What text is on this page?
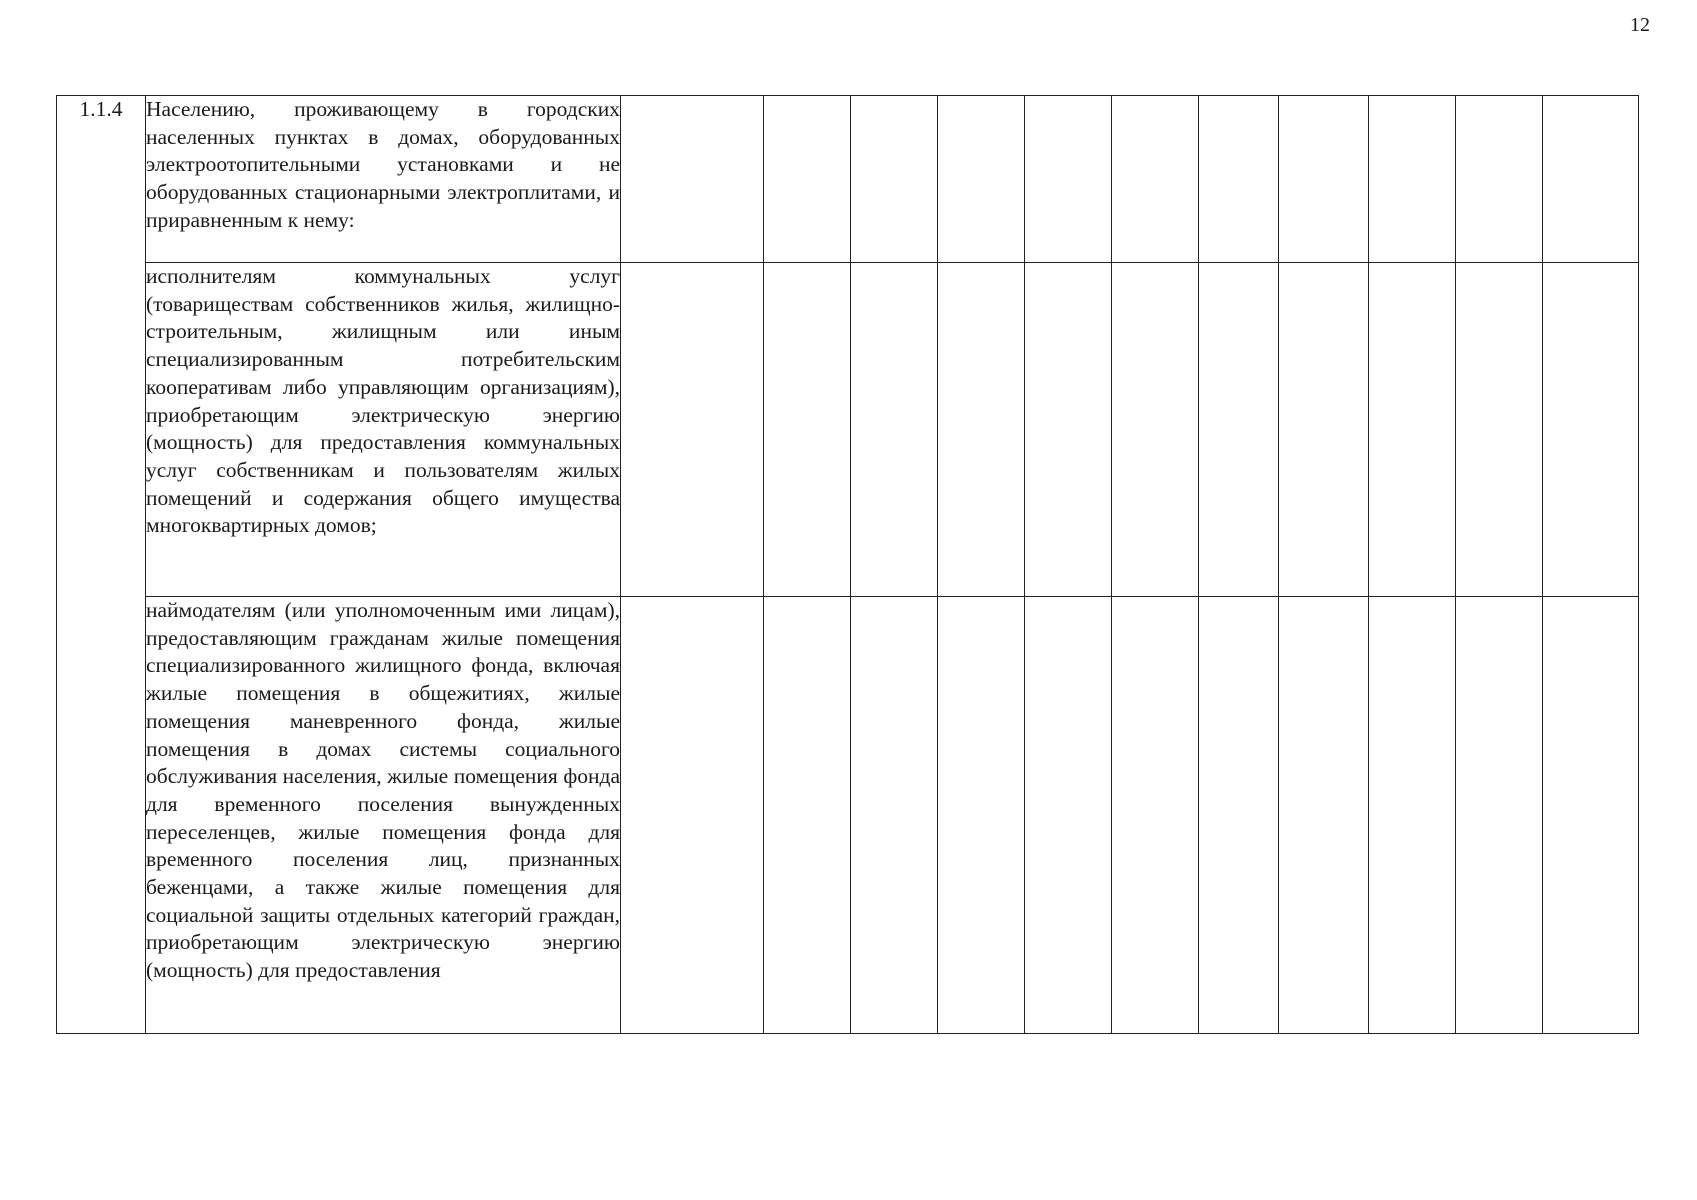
12
1.1.4	Населению, проживающему в городских населенных пунктах в домах, оборудованных электроотопительными установками и не оборудованных стационарными электроплитами, и приравненным к нему:											
	исполнителям коммунальных услуг (товариществам собственников жилья, жилищно-строительным, жилищным или иным специализированным потребительским кооперативам либо управляющим организациям), приобретающим электрическую энергию (мощность) для предоставления коммунальных услуг собственникам и пользователям жилых помещений и содержания общего имущества многоквартирных домов;											
	наймодателям (или уполномоченным ими лицам), предоставляющим гражданам жилые помещения специализированного жилищного фонда, включая жилые помещения в общежитиях, жилые помещения маневренного фонда, жилые помещения в домах системы социального обслуживания населения, жилые помещения фонда для временного поселения вынужденных переселенцев, жилые помещения фонда для временного поселения лиц, признанных беженцами, а также жилые помещения для социальной защиты отдельных категорий граждан, приобретающим электрическую энергию (мощность) для предоставления											
